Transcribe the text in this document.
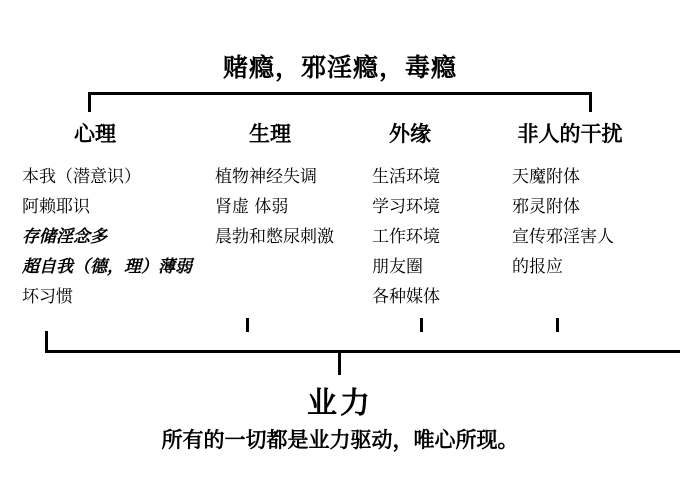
赌瘾，邪淫瘾，毒瘾
心理	生理	外缘	非人的干扰
本我（潜意识）
阿赖耶识
存储淫念多
超自我（德，理）薄弱
坏习惯
植物神经失调
肾虚 体弱
晨勃和憋尿刺激
生活环境
学习环境
工作环境
朋友圈
各种媒体
天魔附体
邪灵附体
宣传邪淫害人
的报应
业力
所有的一切都是业力驱动，唯心所现。
